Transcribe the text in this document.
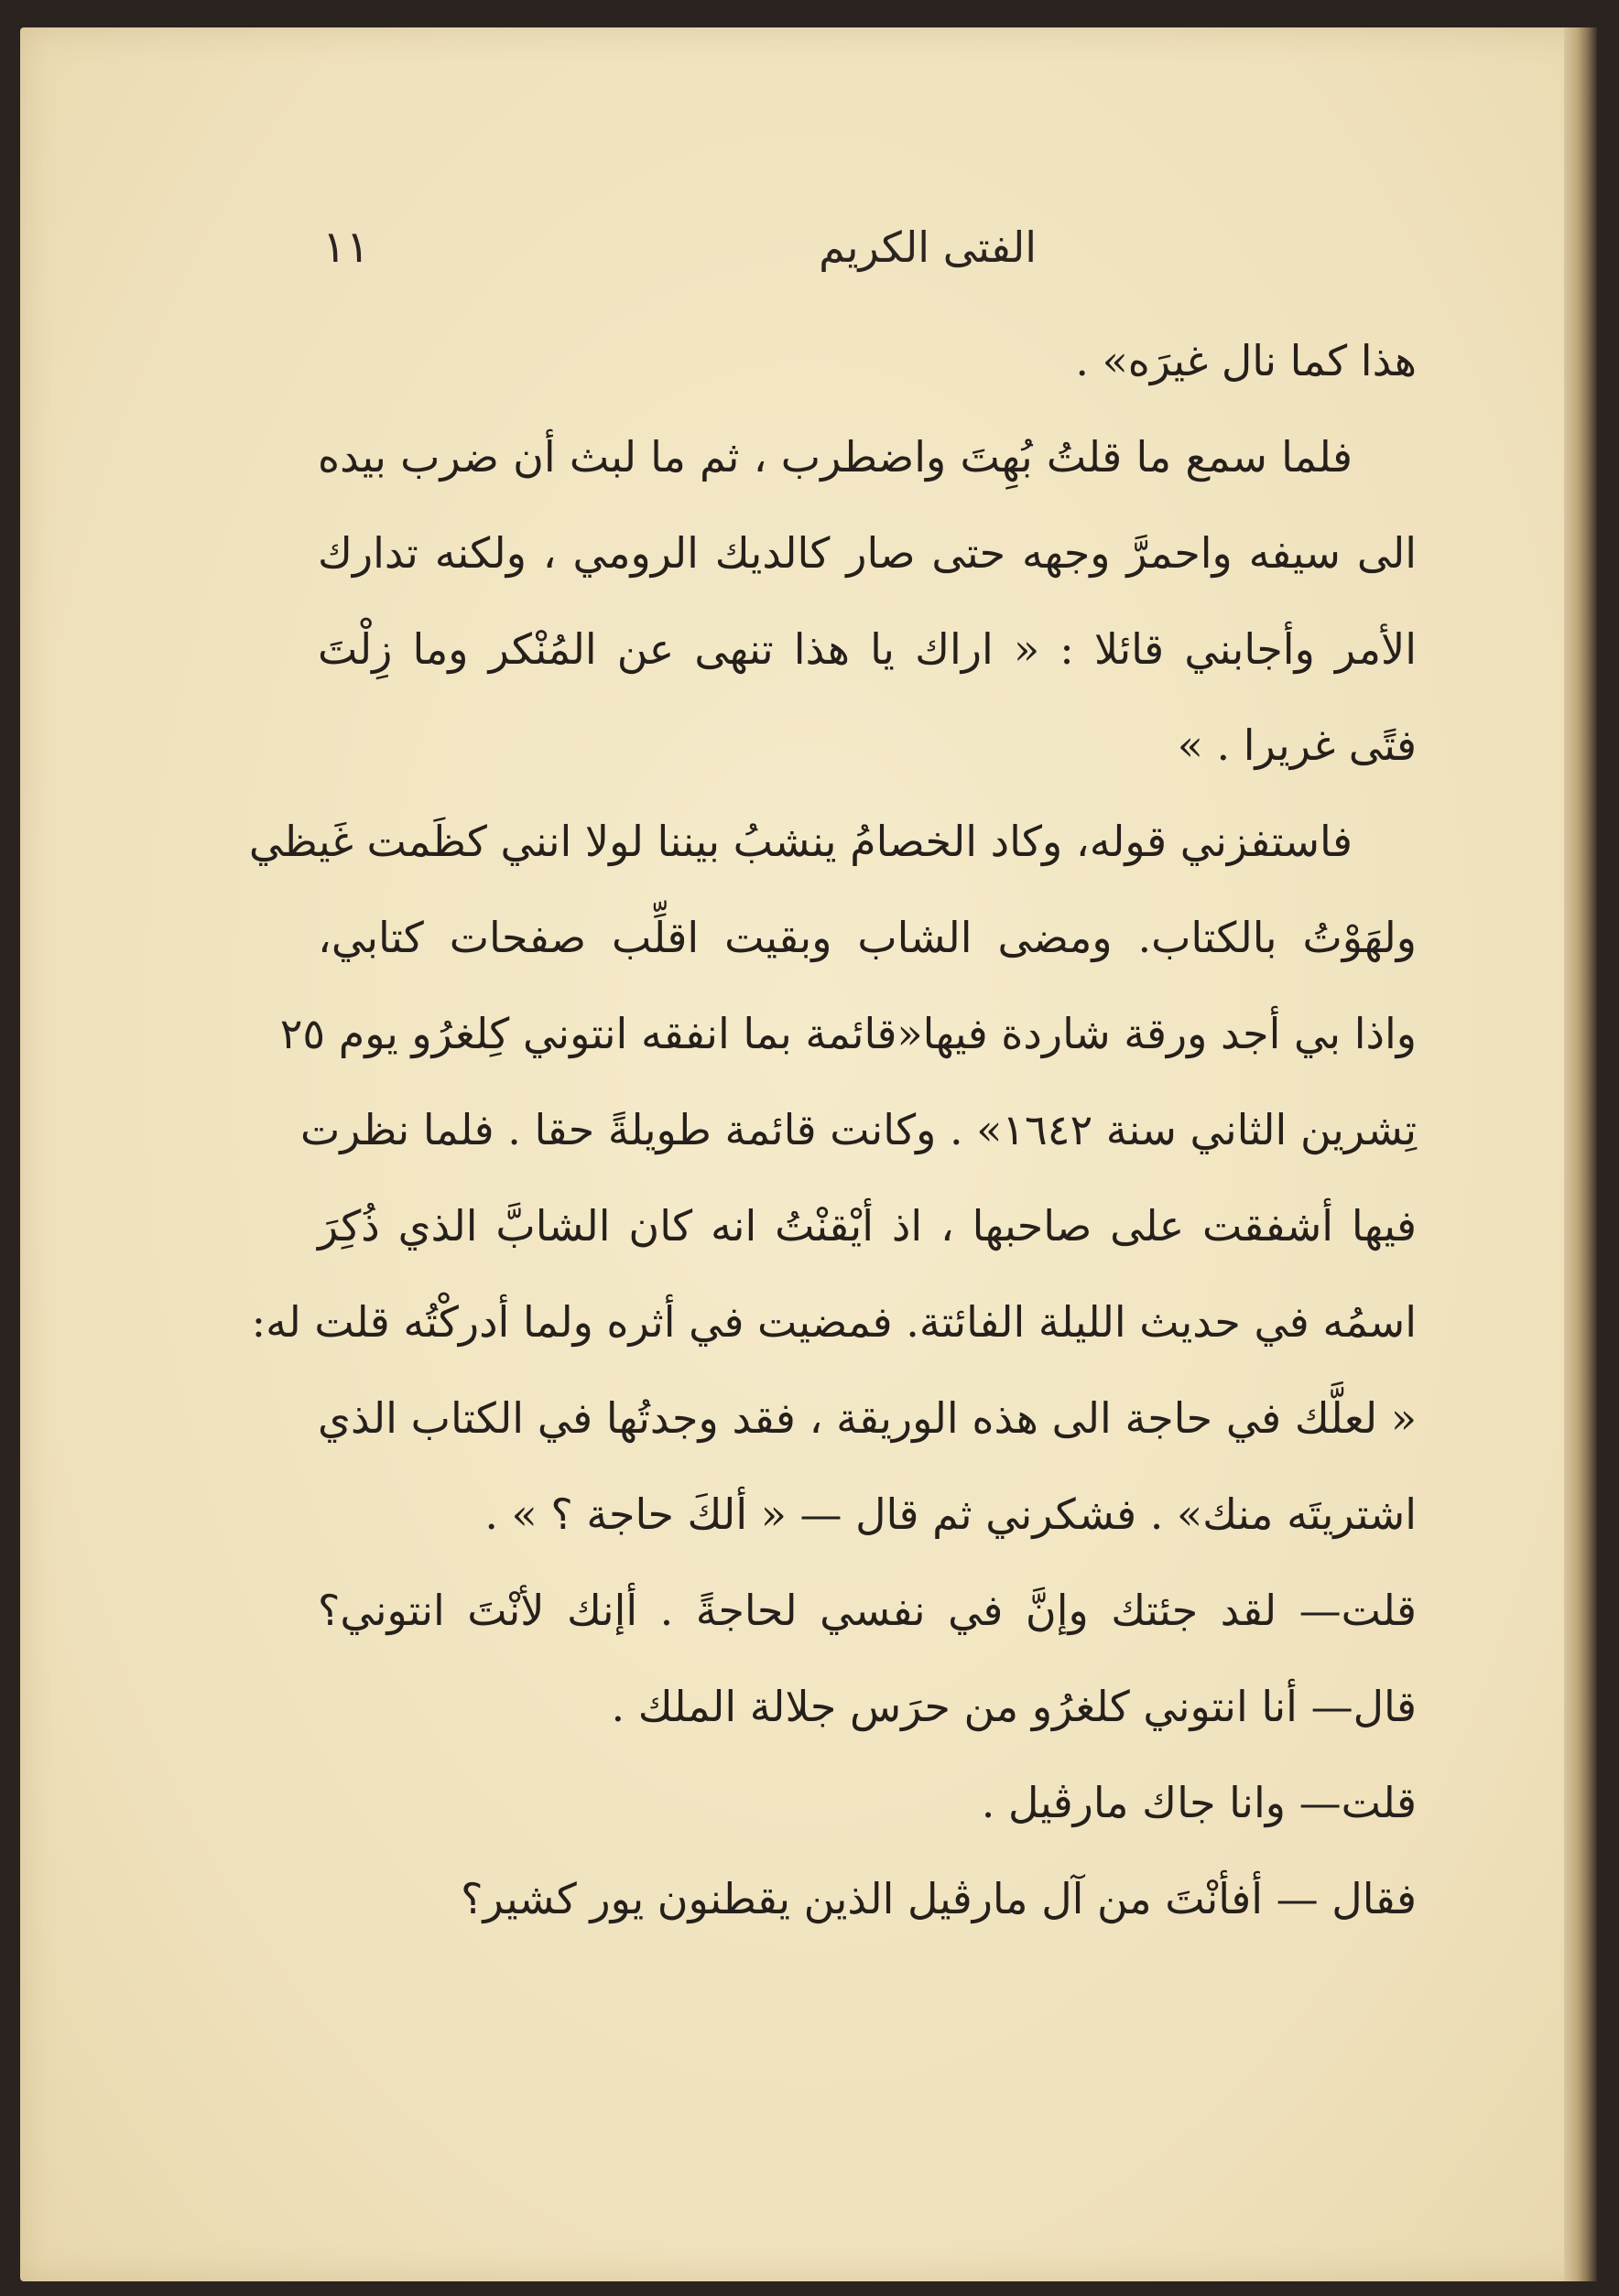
الفتى الكريم
١١
هذا كما نال غيرَه» .
فلما سمع ما قلتُ بُهِتَ واضطرب ، ثم ما لبث أن ضرب بيده
الى سيفه واحمرَّ وجهه حتى صار كالديك الرومي ، ولكنه تدارك
الأمر وأجابني قائلا : « اراك يا هذا تنهى عن المُنْكر وما زِلْتَ
فتًى غريرا . »
فاستفزني قوله، وكاد الخصامُ ينشبُ بيننا لولا انني كظَمت غَيظي
ولهَوْتُ بالكتاب. ومضى الشاب وبقيت اقلِّب صفحات كتابي،
واذا بي أجد ورقة شاردة فيها«قائمة بما انفقه انتوني كِلغرُو يوم ٢٥
تِشرين الثاني سنة ١٦٤٢» . وكانت قائمة طويلةً حقا . فلما نظرت
فيها أشفقت على صاحبها ، اذ أيْقنْتُ انه كان الشابَّ الذي ذُكِرَ
اسمُه في حديث الليلة الفائتة. فمضيت في أثره ولما أدركْتُه قلت له:
« لعلَّك في حاجة الى هذه الوريقة ، فقد وجدتُها في الكتاب الذي
اشتريتَه منك» . فشكرني ثم قال — « ألكَ حاجة ؟ » .
قلت— لقد جئتك وإنَّ في نفسي لحاجةً . أإنك لأنْتَ انتوني؟
قال— أنا انتوني كلغرُو من حرَس جلالة الملك .
قلت— وانا جاك مارڤيل .
فقال — أفأنْتَ من آل مارڤيل الذين يقطنون يور كشير؟
